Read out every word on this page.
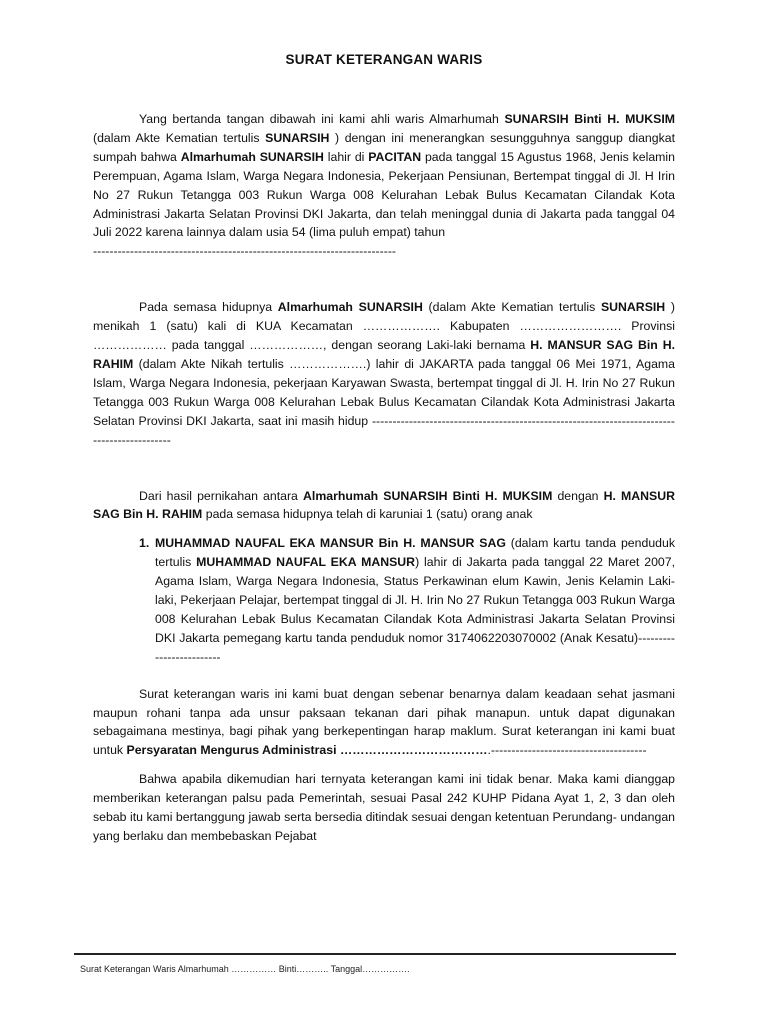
SURAT KETERANGAN WARIS

Yang bertanda tangan dibawah ini kami ahli waris Almarhumah SUNARSIH Binti H. MUKSIM (dalam Akte Kematian tertulis SUNARSIH ) dengan ini menerangkan sesungguhnya sanggup diangkat sumpah bahwa Almarhumah SUNARSIH lahir di PACITAN pada tanggal 15 Agustus 1968, Jenis kelamin Perempuan, Agama Islam, Warga Negara Indonesia, Pekerjaan Pensiunan, Bertempat tinggal di Jl. H Irin No 27 Rukun Tetangga 003 Rukun Warga 008 Kelurahan Lebak Bulus Kecamatan Cilandak Kota Administrasi Jakarta Selatan Provinsi DKI Jakarta, dan telah meninggal dunia di Jakarta pada tanggal 04 Juli 2022 karena lainnya dalam usia 54 (lima puluh empat) tahun
--------------------------------------------------------------------------

Pada semasa hidupnya Almarhumah SUNARSIH (dalam Akte Kematian tertulis SUNARSIH ) menikah 1 (satu) kali di KUA Kecamatan ………………. Kabupaten ……………………. Provinsi ……………… pada tanggal ………………, dengan seorang Laki-laki bernama H. MANSUR SAG Bin H. RAHIM (dalam Akte Nikah tertulis ……………….) lahir di JAKARTA pada tanggal 06 Mei 1971, Agama Islam, Warga Negara Indonesia, pekerjaan Karyawan Swasta, bertempat tinggal di Jl. H. Irin No 27 Rukun Tetangga 003 Rukun Warga 008 Kelurahan Lebak Bulus Kecamatan Cilandak Kota Administrasi Jakarta Selatan Provinsi DKI Jakarta, saat ini masih hidup ---------------------------------------------------------------------------------------------

Dari hasil pernikahan antara Almarhumah SUNARSIH Binti H. MUKSIM dengan H. MANSUR SAG Bin H. RAHIM pada semasa hidupnya telah di karuniai 1 (satu) orang anak

1. MUHAMMAD NAUFAL EKA MANSUR Bin H. MANSUR SAG (dalam kartu tanda penduduk tertulis MUHAMMAD NAUFAL EKA MANSUR) lahir di Jakarta pada tanggal 22 Maret 2007, Agama Islam, Warga Negara Indonesia, Status Perkawinan elum Kawin, Jenis Kelamin Laki-laki, Pekerjaan Pelajar, bertempat tinggal di Jl. H. Irin No 27 Rukun Tetangga 003 Rukun Warga 008 Kelurahan Lebak Bulus Kecamatan Cilandak Kota Administrasi Jakarta Selatan Provinsi DKI Jakarta pemegang kartu tanda penduduk nomor 3174062203070002 (Anak Kesatu)-------------------------

Surat keterangan waris ini kami buat dengan sebenar benarnya dalam keadaan sehat jasmani maupun rohani tanpa ada unsur paksaan tekanan dari pihak manapun. untuk dapat digunakan sebagaimana mestinya, bagi pihak yang berkepentingan harap maklum. Surat keterangan ini kami buat untuk Persyaratan Mengurus Administrasi ……………………………….--------------------------------------

Bahwa apabila dikemudian hari ternyata keterangan kami ini tidak benar. Maka kami dianggap memberikan keterangan palsu pada Pemerintah, sesuai Pasal 242 KUHP Pidana Ayat 1, 2, 3 dan oleh sebab itu kami bertanggung jawab serta bersedia ditindak sesuai dengan ketentuan Perundang- undangan yang berlaku dan membebaskan Pejabat

Surat Keterangan Waris Almarhumah …………… Binti……….. Tanggal…………….
